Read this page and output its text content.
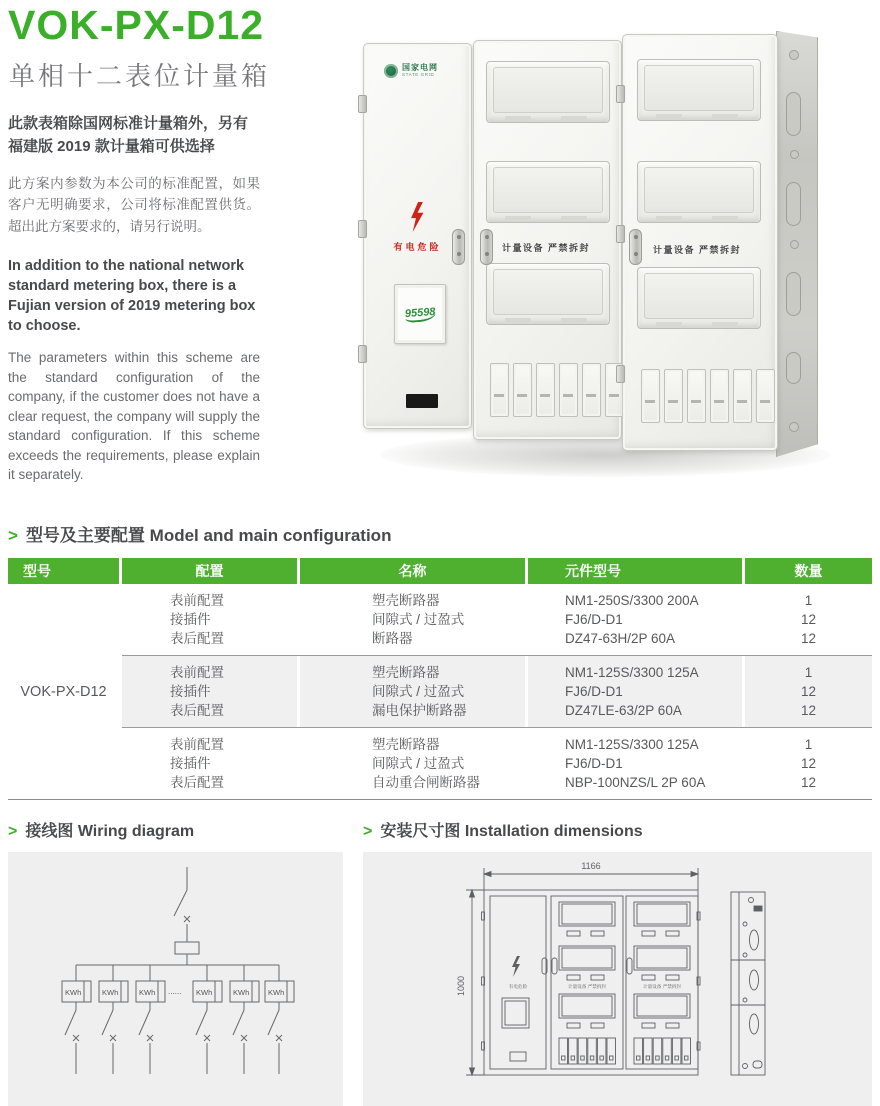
VOK-PX-D12
单相十二表位计量箱

此款表箱除国网标准计量箱外，另有 福建版 2019 款计量箱可供选择

此方案内参数为本公司的标准配置，如果 客户无明确要求，公司将标准配置供货。 超出此方案要求的，请另行说明。

In addition to the national network standard metering box, there is a Fujian version of 2019 metering box to choose.

The parameters within this scheme are the standard configuration of the company, if the customer does not have a clear request, the company will supply the standard configuration. If this scheme exceeds the requirements, please explain it separately.

国家电网
STATE GRID
有电危险
95598
计量设备 严禁拆封	计量设备 严禁拆封
> 型号及主要配置 Model and main configuration
型号	配置	名称	元件型号	数量
VOK-PX-D12
表前配置	塑壳断路器	NM1-250S/3300 200A	1
接插件	间隙式 / 过盈式	FJ6/D-D1	12
表后配置	断路器	DZ47-63H/2P 60A	12
表前配置	塑壳断路器	NM1-125S/3300 125A	1
接插件	间隙式 / 过盈式	FJ6/D-D1	12
表后配置	漏电保护断路器	DZ47LE-63/2P 60A	12
表前配置	塑壳断路器	NM1-125S/3300 125A	1
接插件	间隙式 / 过盈式	FJ6/D-D1	12
表后配置	自动重合闸断路器	NBP-100NZS/L 2P 60A	12
> 接线图 Wiring diagram	> 安装尺寸图 Installation dimensions
KWh	KWh	KWh	KWh	KWh KWh
......
1166
1000	有电危险	计量设备 严禁拆封	计量设备 严禁拆封
